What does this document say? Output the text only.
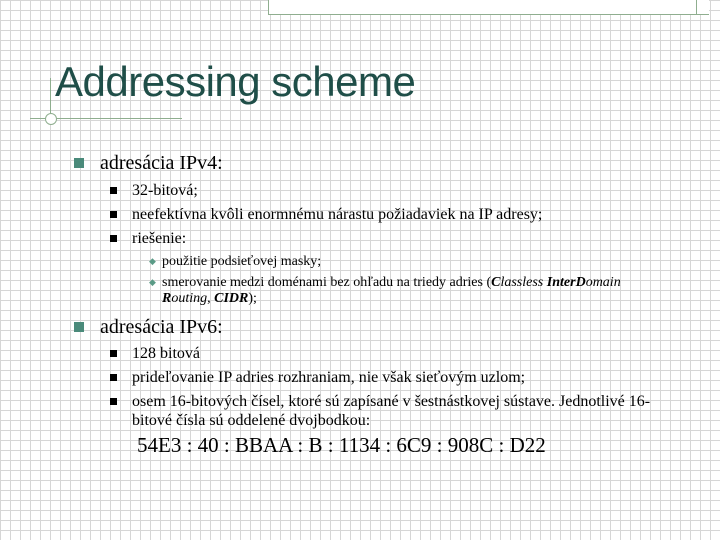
Addressing scheme
adresácia IPv4:
32-bitová;
neefektívna kvôli enormnému nárastu požiadaviek na IP adresy;
riešenie:
◆ použitie podsieťovej masky;
◆ smerovanie medzi doménami bez ohľadu na triedy adries (Classless InterDomain Routing, CIDR);
adresácia IPv6:
128 bitová
prideľovanie IP adries rozhraniam, nie však sieťovým uzlom;
osem 16-bitových čísel, ktoré sú zapísané v šestnástkovej sústave. Jednotlivé 16-bitové čísla sú oddelené dvojbodkou:
54E3 : 40 : BBAA : B : 1134 : 6C9 : 908C : D22
